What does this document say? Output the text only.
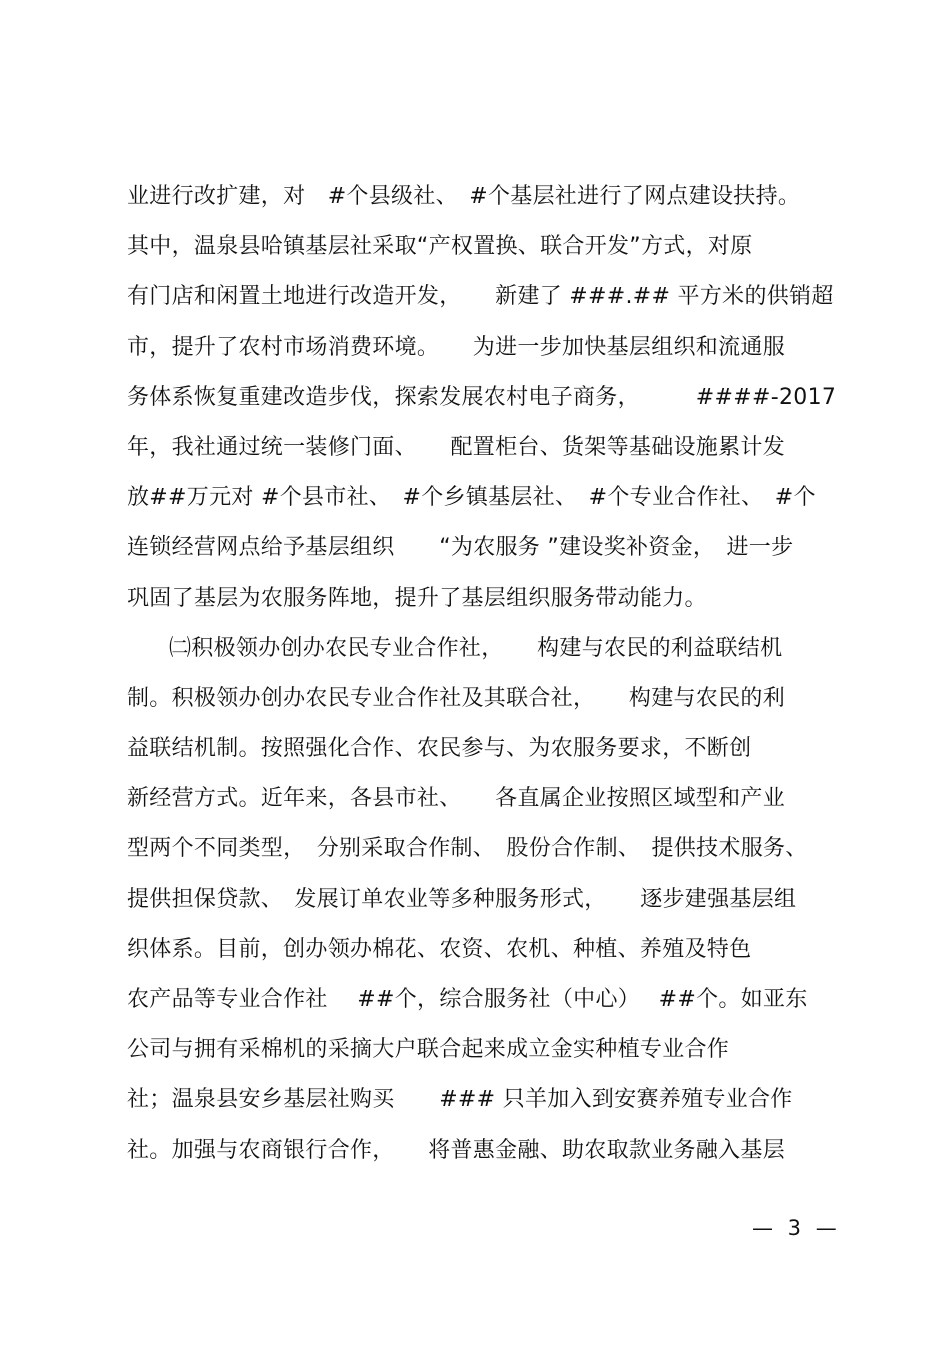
业进行改扩建，对　#个县级社、　#个基层社进行了网点建设扶持。
其中，温泉县哈镇基层社采取“产权置换、联合开发”方式，对原
有门店和闲置土地进行改造开发，　　新建了 ###.## 平方米的供销超
市，提升了农村市场消费环境。　　为进一步加快基层组织和流通服
务体系恢复重建改造步伐，探索发展农村电子商务，　　　####-2017
年，我社通过统一装修门面、　　配置柜台、货架等基础设施累计发
放##万元对 #个县市社、　#个乡镇基层社、　#个专业合作社、　#个
连锁经营网点给予基层组织　　“为农服务 ”建设奖补资金，　进一步
巩固了基层为农服务阵地，提升了基层组织服务带动能力。
㈡积极领办创办农民专业合作社，　　构建与农民的利益联结机
制。积极领办创办农民专业合作社及其联合社，　　构建与农民的利
益联结机制。按照强化合作、农民参与、为农服务要求，不断创
新经营方式。近年来，各县市社、　　各直属企业按照区域型和产业
型两个不同类型，　分别采取合作制、　股份合作制、　提供技术服务、
提供担保贷款、　发展订单农业等多种服务形式，　　逐步建强基层组
织体系。目前，创办领办棉花、农资、农机、种植、养殖及特色
农产品等专业合作社　 ##个，综合服务社（中心）　 ##个。如亚东
公司与拥有采棉机的采摘大户联合起来成立金实种植专业合作
社；温泉县安乡基层社购买　　### 只羊加入到安赛养殖专业合作
社。加强与农商银行合作，　　将普惠金融、助农取款业务融入基层
— 3 —
